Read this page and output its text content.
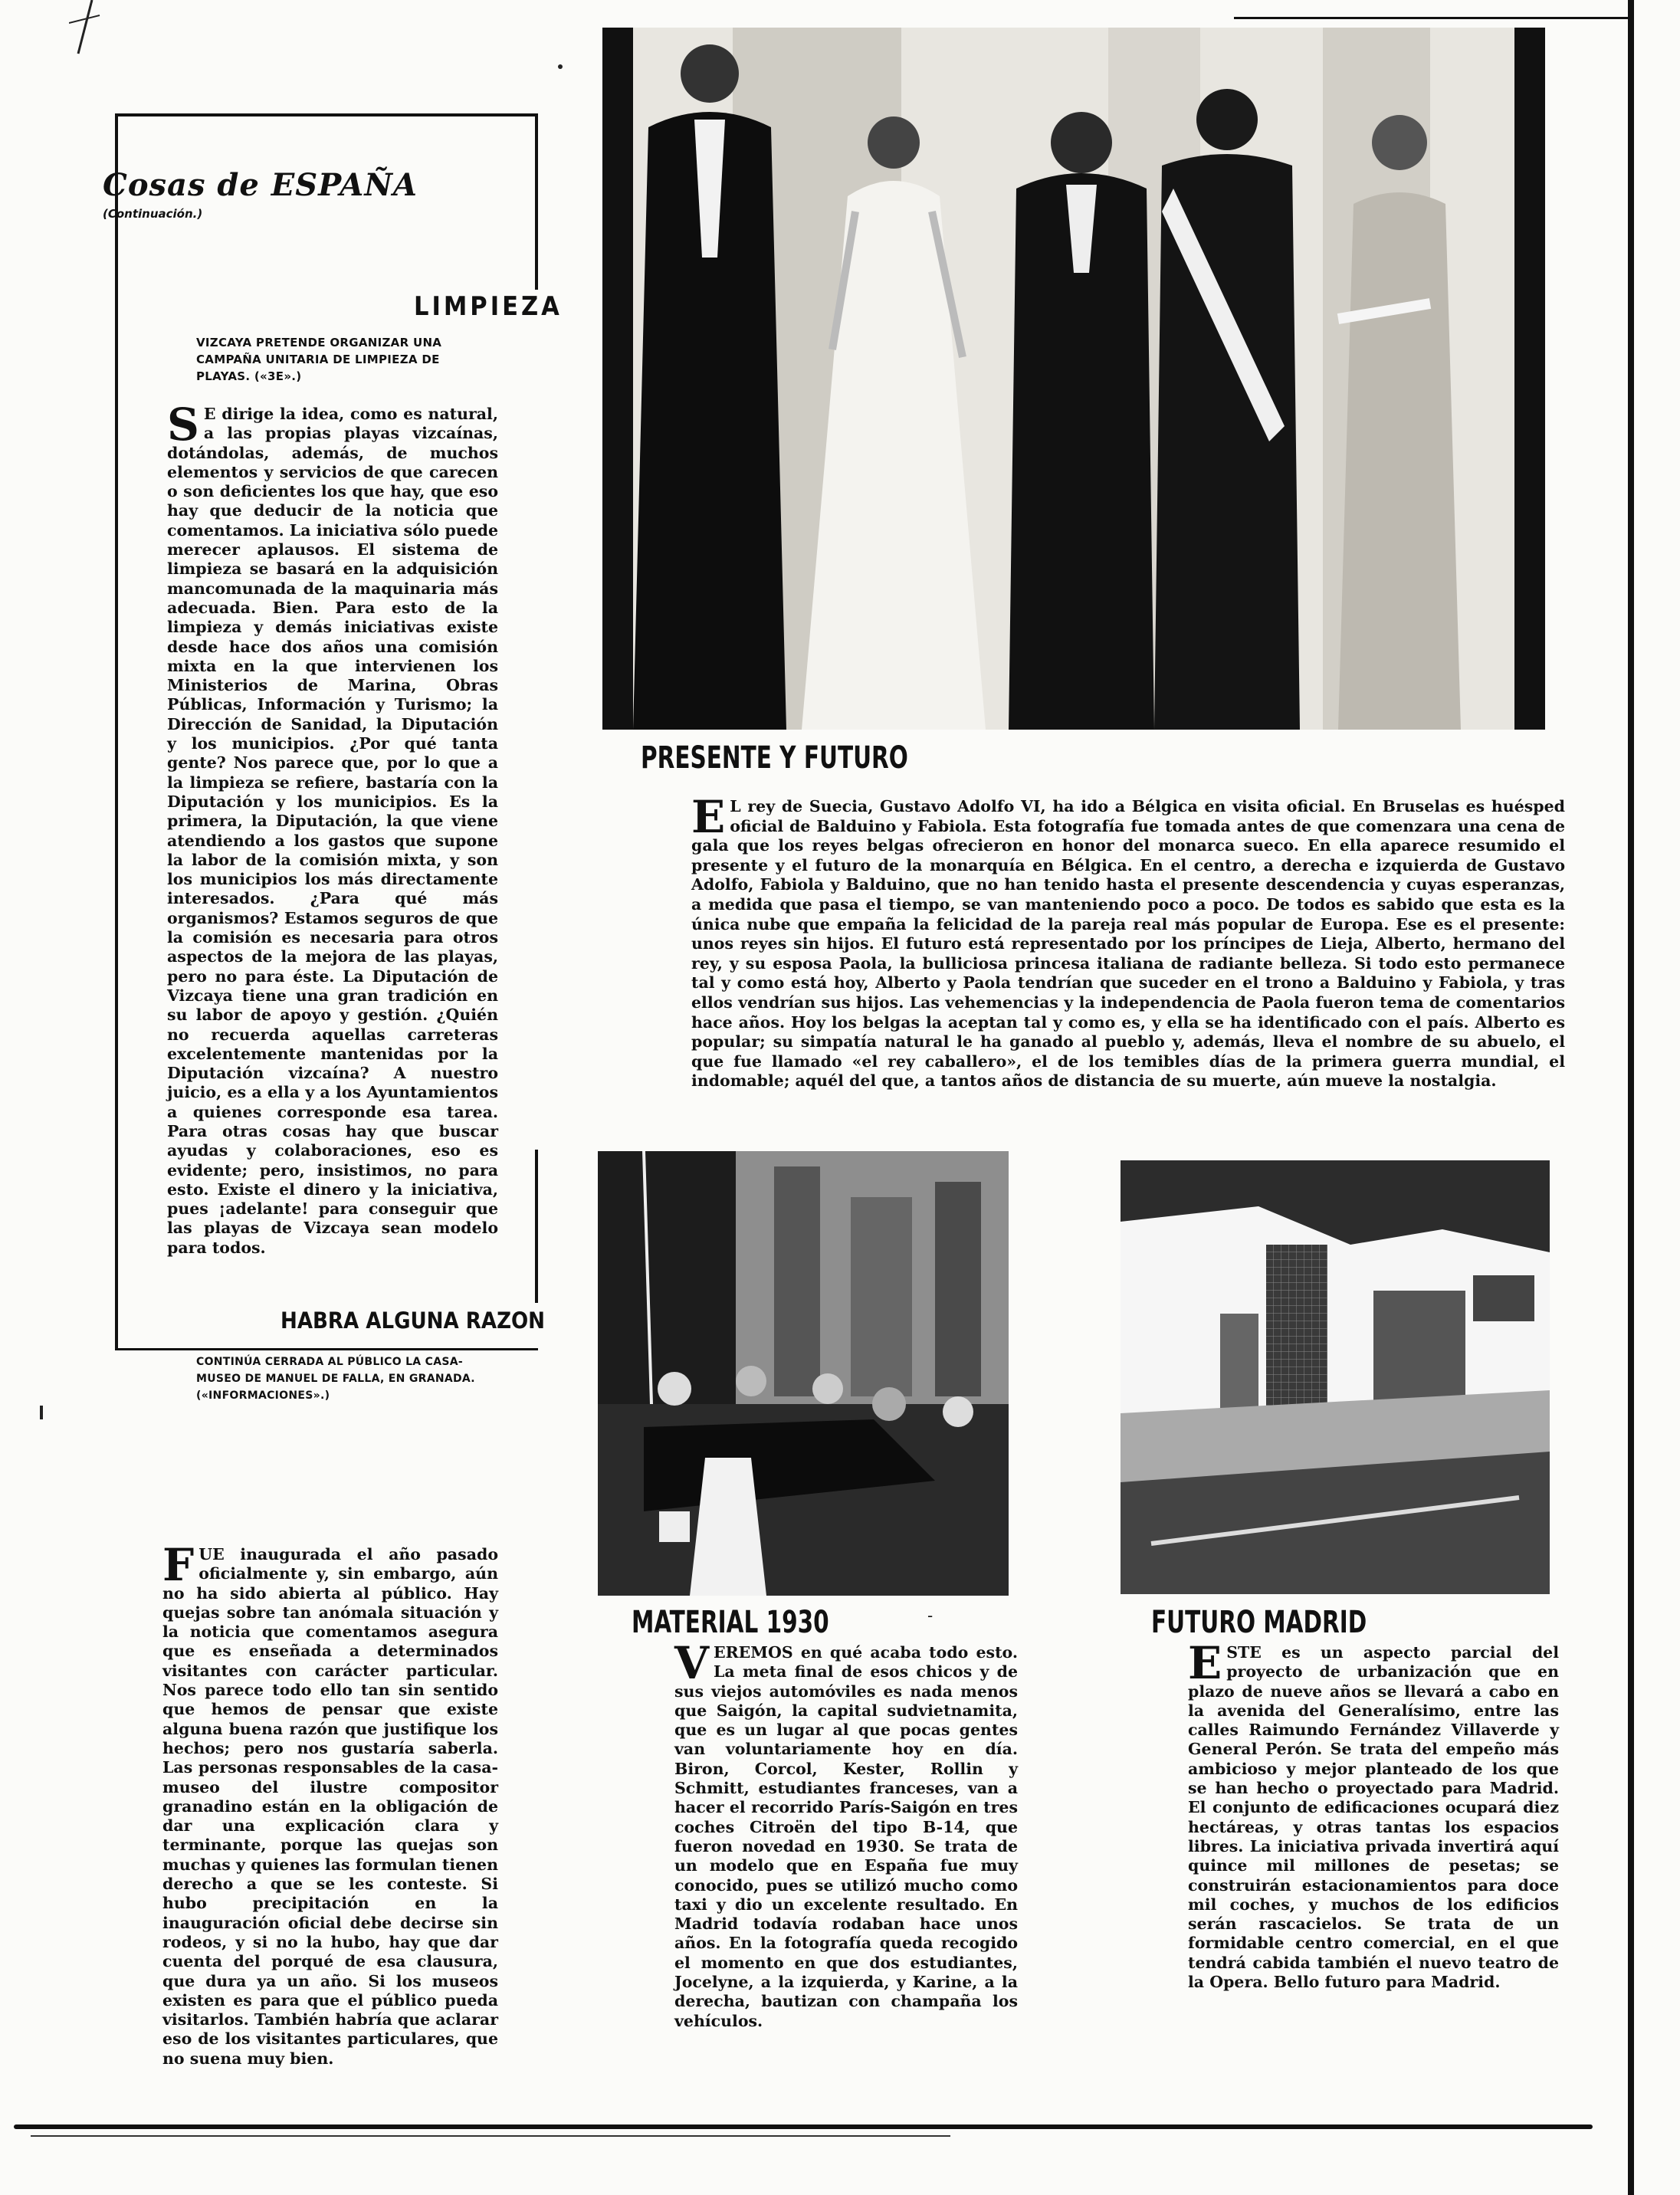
Cosas de ESPAÑA
(Continuación.)
LIMPIEZA
VIZCAYA PRETENDE ORGANIZAR UNA CAMPAÑA UNITARIA DE LIMPIEZA DE PLAYAS. («3E».)
S E dirige la idea, como es natural, a las propias playas vizcaínas, dotándolas, además, de muchos elementos y servicios de que carecen o son deficientes los que hay, que eso hay que deducir de la noticia que comentamos. La iniciativa sólo puede merecer aplausos. El sistema de limpieza se basará en la adquisición mancomunada de la maquinaria más adecuada. Bien. Para esto de la limpieza y demás iniciativas existe desde hace dos años una comisión mixta en la que intervienen los Ministerios de Marina, Obras Públicas, Información y Turismo; la Dirección de Sanidad, la Diputación y los municipios. ¿Por qué tanta gente? Nos parece que, por lo que a la limpieza se refiere, bastaría con la Diputación y los municipios. Es la primera, la Diputación, la que viene atendiendo a los gastos que supone la labor de la comisión mixta, y son los municipios los más directamente interesados. ¿Para qué más organismos? Estamos seguros de que la comisión es necesaria para otros aspectos de la mejora de las playas, pero no para éste. La Diputación de Vizcaya tiene una gran tradición en su labor de apoyo y gestión. ¿Quién no recuerda aquellas carreteras excelentemente mantenidas por la Diputación vizcaína? A nuestro juicio, es a ella y a los Ayuntamientos a quienes corresponde esa tarea. Para otras cosas hay que buscar ayudas y colaboraciones, eso es evidente; pero, insistimos, no para esto. Existe el dinero y la iniciativa, pues ¡adelante! para conseguir que las playas de Vizcaya sean modelo para todos.
HABRA ALGUNA RAZON
CONTINÚA CERRADA AL PÚBLICO LA CASA-MUSEO DE MANUEL DE FALLA, EN GRANADA. («INFORMACIONES».)
FUE inaugurada el año pasado oficialmente y, sin embargo, aún no ha sido abierta al público. Hay quejas sobre tan anómala situación y la noticia que comentamos asegura que es enseñada a determinados visitantes con carácter particular. Nos parece todo ello tan sin sentido que hemos de pensar que existe alguna buena razón que justifique los hechos; pero nos gustaría saberla. Las personas responsables de la casa-museo del ilustre compositor granadino están en la obligación de dar una explicación clara y terminante, porque las quejas son muchas y quienes las formulan tienen derecho a que se les conteste. Si hubo precipitación en la inauguración oficial debe decirse sin rodeos, y si no la hubo, hay que dar cuenta del porqué de esa clausura, que dura ya un año. Si los museos existen es para que el público pueda visitarlos. También habría que aclarar eso de los visitantes particulares, que no suena muy bien.
PRESENTE Y FUTURO
E L rey de Suecia, Gustavo Adolfo VI, ha ido a Bélgica en visita oficial. En Bruselas es huésped oficial de Balduino y Fabiola. Esta fotografía fue tomada antes de que comenzara una cena de gala que los reyes belgas ofrecieron en honor del monarca sueco. En ella aparece resumido el presente y el futuro de la monarquía en Bélgica. En el centro, a derecha e izquierda de Gustavo Adolfo, Fabiola y Balduino, que no han tenido hasta el presente descendencia y cuyas esperanzas, a medida que pasa el tiempo, se van manteniendo poco a poco. De todos es sabido que esta es la única nube que empaña la felicidad de la pareja real más popular de Europa. Ese es el presente: unos reyes sin hijos. El futuro está representado por los príncipes de Lieja, Alberto, hermano del rey, y su esposa Paola, la bulliciosa princesa italiana de radiante belleza. Si todo esto permanece tal y como está hoy, Alberto y Paola tendrían que suceder en el trono a Balduino y Fabiola, y tras ellos vendrían sus hijos. Las vehemencias y la independencia de Paola fueron tema de comentarios hace años. Hoy los belgas la aceptan tal y como es, y ella se ha identificado con el país. Alberto es popular; su simpatía natural le ha ganado al pueblo y, además, lleva el nombre de su abuelo, el que fue llamado «el rey caballero», el de los temibles días de la primera guerra mundial, el indomable; aquél del que, a tantos años de distancia de su muerte, aún mueve la nostalgia.
MATERIAL 1930	-
VEREMOS en qué acaba todo esto. La meta final de esos chicos y de sus viejos automóviles es nada menos que Saigón, la capital sudvietnamita, que es un lugar al que pocas gentes van voluntariamente hoy en día. Biron, Corcol, Kester, Rollin y Schmitt, estudiantes franceses, van a hacer el recorrido París-Saigón en tres coches Citroën del tipo B-14, que fueron novedad en 1930. Se trata de un modelo que en España fue muy conocido, pues se utilizó mucho como taxi y dio un excelente resultado. En Madrid todavía rodaban hace unos años. En la fotografía queda recogido el momento en que dos estudiantes, Jocelyne, a la izquierda, y Karine, a la derecha, bautizan con champaña los vehículos.
FUTURO MADRID
ESTE es un aspecto parcial del proyecto de urbanización que en plazo de nueve años se llevará a cabo en la avenida del Generalísimo, entre las calles Raimundo Fernández Villaverde y General Perón. Se trata del empeño más ambicioso y mejor planteado de los que se han hecho o proyectado para Madrid. El conjunto de edificaciones ocupará diez hectáreas, y otras tantas los espacios libres. La iniciativa privada invertirá aquí quince mil millones de pesetas; se construirán estacionamientos para doce mil coches, y muchos de los edificios serán rascacielos. Se trata de un formidable centro comercial, en el que tendrá cabida también el nuevo teatro de la Opera. Bello futuro para Madrid.
